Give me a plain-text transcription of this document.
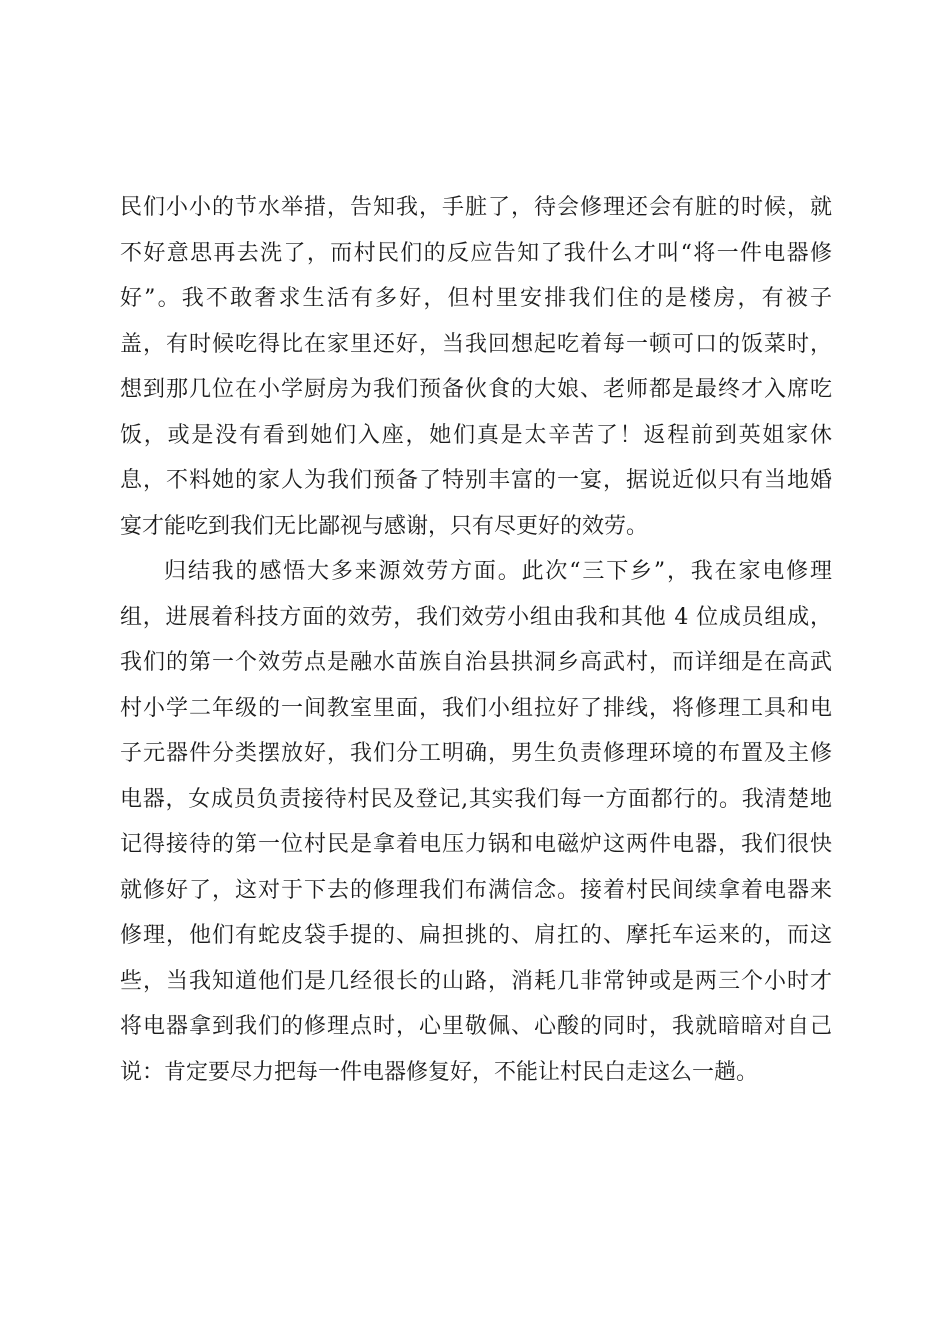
民们小小的节水举措，告知我，手脏了，待会修理还会有脏的时候，就
不好意思再去洗了，而村民们的反应告知了我什么才叫“将一件电器修
好”。我不敢奢求生活有多好，但村里安排我们住的是楼房，有被子
盖，有时候吃得比在家里还好，当我回想起吃着每一顿可口的饭菜时，
想到那几位在小学厨房为我们预备伙食的大娘、老师都是最终才入席吃
饭，或是没有看到她们入座，她们真是太辛苦了！返程前到英姐家休
息，不料她的家人为我们预备了特别丰富的一宴，据说近似只有当地婚
宴才能吃到我们无比鄙视与感谢，只有尽更好的效劳。
归结我的感悟大多来源效劳方面。此次“三下乡”，我在家电修理
组，进展着科技方面的效劳，我们效劳小组由我和其他 4 位成员组成，
我们的第一个效劳点是融水苗族自治县拱洞乡高武村，而详细是在高武
村小学二年级的一间教室里面，我们小组拉好了排线，将修理工具和电
子元器件分类摆放好，我们分工明确，男生负责修理环境的布置及主修
电器，女成员负责接待村民及登记,其实我们每一方面都行的。我清楚地
记得接待的第一位村民是拿着电压力锅和电磁炉这两件电器，我们很快
就修好了，这对于下去的修理我们布满信念。接着村民间续拿着电器来
修理，他们有蛇皮袋手提的、扁担挑的、肩扛的、摩托车运来的，而这
些，当我知道他们是几经很长的山路，消耗几非常钟或是两三个小时才
将电器拿到我们的修理点时，心里敬佩、心酸的同时，我就暗暗对自己
说：肯定要尽力把每一件电器修复好，不能让村民白走这么一趟。
